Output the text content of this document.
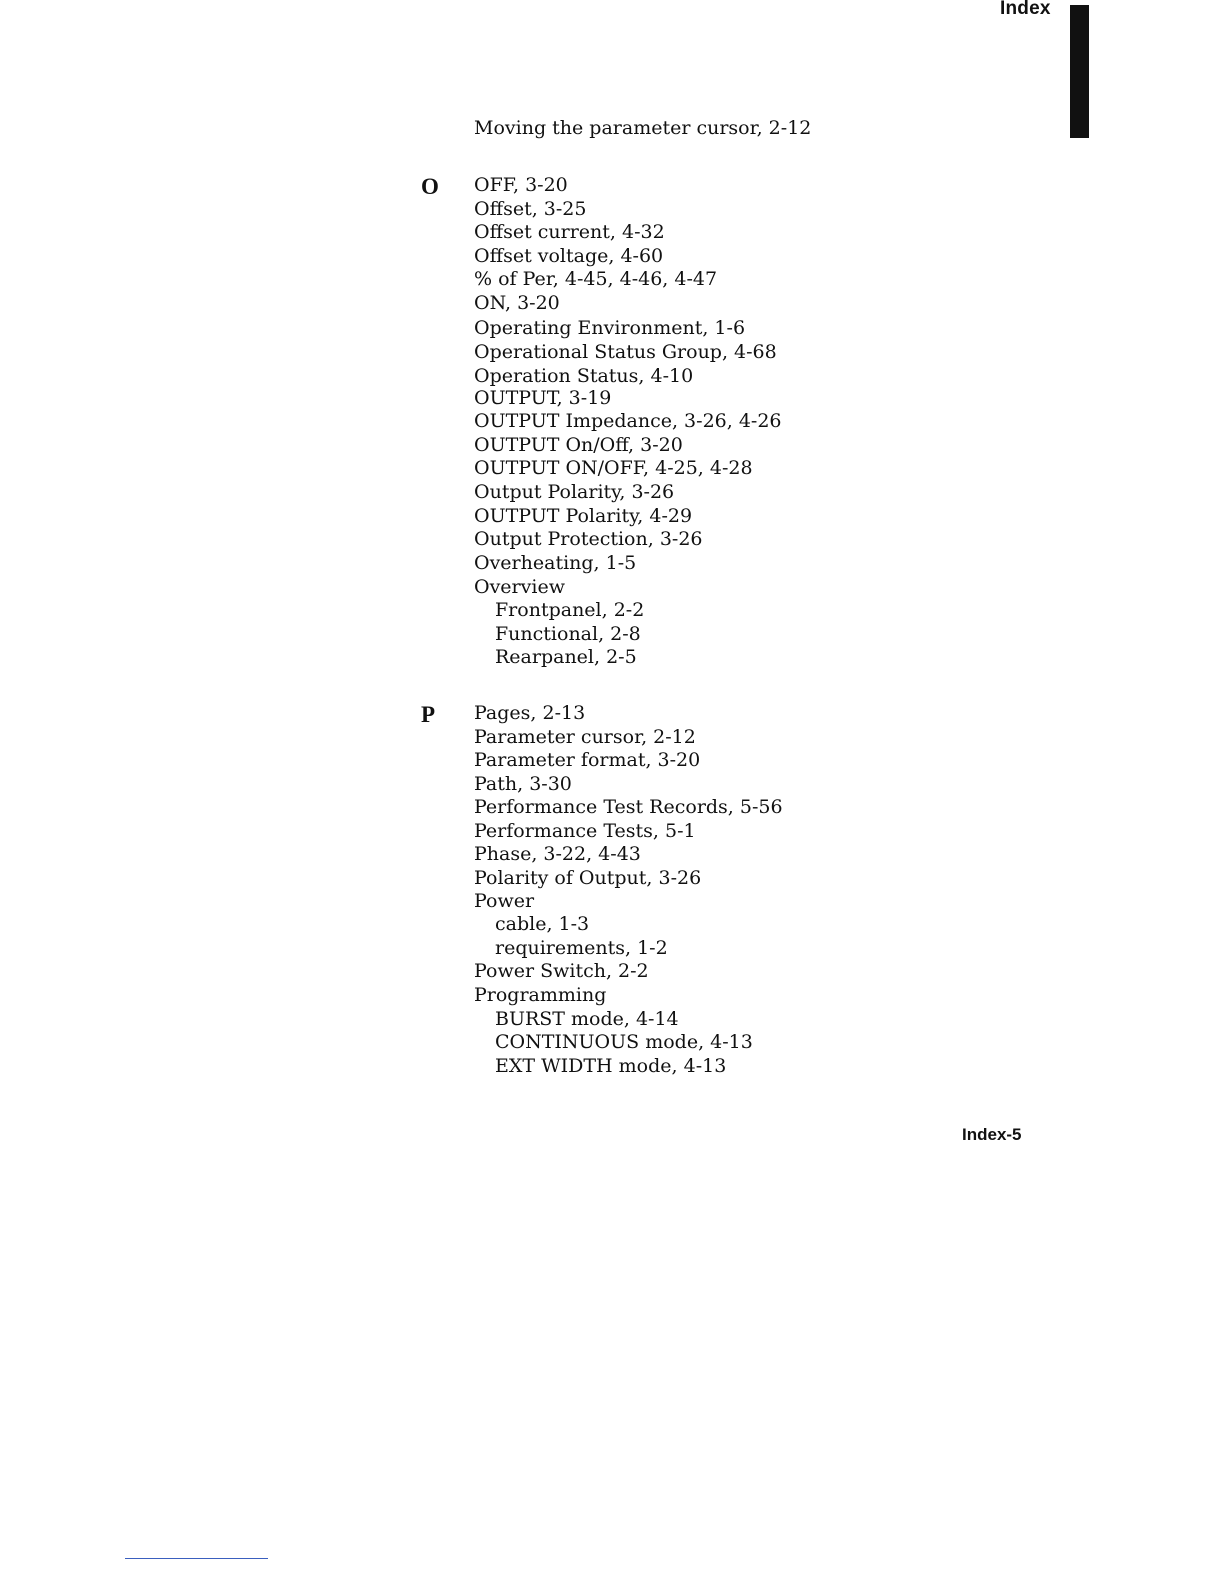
Index
Moving the parameter cursor, 2-12
O OFF, 3-20
Offset, 3-25
Offset current, 4-32
Offset voltage, 4-60
% of Per, 4-45, 4-46, 4-47
ON, 3-20
Operating Environment, 1-6
Operational Status Group, 4-68
Operation Status, 4-10
OUTPUT, 3-19
OUTPUT Impedance, 3-26, 4-26
OUTPUT On/Off, 3-20
OUTPUT ON/OFF, 4-25, 4-28
Output Polarity, 3-26
OUTPUT Polarity, 4-29
Output Protection, 3-26
Overheating, 1-5
Overview
Frontpanel, 2-2
Functional, 2-8
Rearpanel, 2-5
P Pages, 2-13
Parameter cursor, 2-12
Parameter format, 3-20
Path, 3-30
Performance Test Records, 5-56
Performance Tests, 5-1
Phase, 3-22, 4-43
Polarity of Output, 3-26
Power
cable, 1-3
requirements, 1-2
Power Switch, 2-2
Programming
BURST mode, 4-14
CONTINUOUS mode, 4-13
EXT WIDTH mode, 4-13
Index-5
